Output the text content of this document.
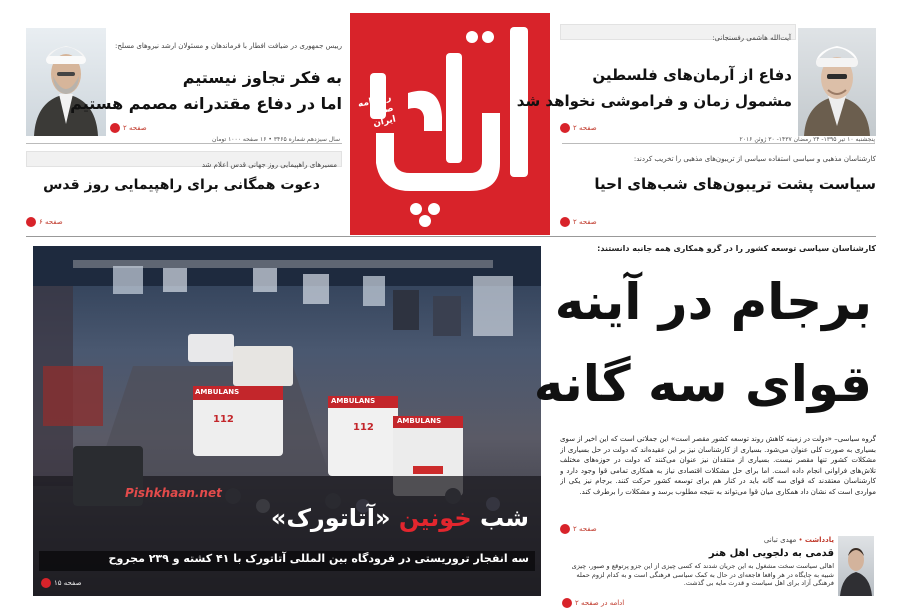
رییس جمهوری در ضیافت افطار با فرماندهان و مسئولان ارشد نیروهای مسلح:
به فکر تجاوز نیستیم
اما در دفاع مقتدرانه مصمم هستیم
صفحه ۲
روزنامه صبح ایران
سال سیزدهم شماره ۳۴۶۵ • ۱۶ صفحه ۱۰۰۰ تومان	پنجشنبه ۱۰ تیر ۱۳۹۵- ۲۴ رمضان ۱۴۳۷- ۳۰ ژوئن ۲۰۱۶
آیت‌الله هاشمی رفسنجانی:
دفاع از آرمان‌های فلسطین
مشمول زمان و فراموشی نخواهد شد
صفحه ۲
مسیرهای راهپیمایی روز جهانی قدس اعلام شد
دعوت همگانی برای راهپیمایی روز قدس
صفحه ۶
کارشناسان مذهبی و سیاسی استفاده سیاسی از تریبون‌های مذهبی را تخریب کردند:
سیاست پشت تریبون‌های شب‌های احیا
صفحه ۲
AMBULANS
112
AMBULANS
112
AMBULANS
Pishkhaan.net
شب خونین «آتاتورک»
سه انفجار تروریستی در فرودگاه بین المللی آتاتورک با ۴۱ کشته و ۲۳۹ مجروح
صفحه ۱۵
کارشناسان سیاسی توسعه کشور را در گرو همکاری همه جانبه دانستند:
برجام در آینه
قوای سه گانه
گروه سیاسی– «دولت در زمینه کاهش روند توسعه کشور مقصر است» این جملاتی است که این اخیر از سوی بسیاری به صورت کلی عنوان می‌شود. بسیاری از کارشناسان نیز بر این عقیده‌اند که دولت در حل بسیاری از مشکلات کشور تنها مقصر نیست. بسیاری از منتقدان نیز عنوان می‌کنند که دولت در حوزه‌های مختلف تلاش‌های فراوانی انجام داده است. اما برای حل مشکلات اقتصادی نیاز به همکاری تمامی قوا وجود دارد و کارشناسان معتقدند که قوای سه گانه باید در کنار هم برای توسعه کشور حرکت کنند. برجام نیز یکی از مواردی است که نشان داد همکاری میان قوا می‌تواند به نتیجه مطلوب برسد و مشکلات را برطرف کند.
صفحه ۲
یادداشت • مهدی تبانی
قدمی به دلجویی اهل هنر
اهالی سیاست سخت مشغول به این جریان شدند که کسی چیزی از این جزو پرتوقع و صبور، چیزی شبیه به جایگاه در هر واقعا فاجعه‌ای در حال به کمک سیاسی فرهنگی است و به کدام لزوم حمله فرهنگی آزاد برای اهل سیاست و قدرت مایه بی گذشت.
ادامه در صفحه ۲
